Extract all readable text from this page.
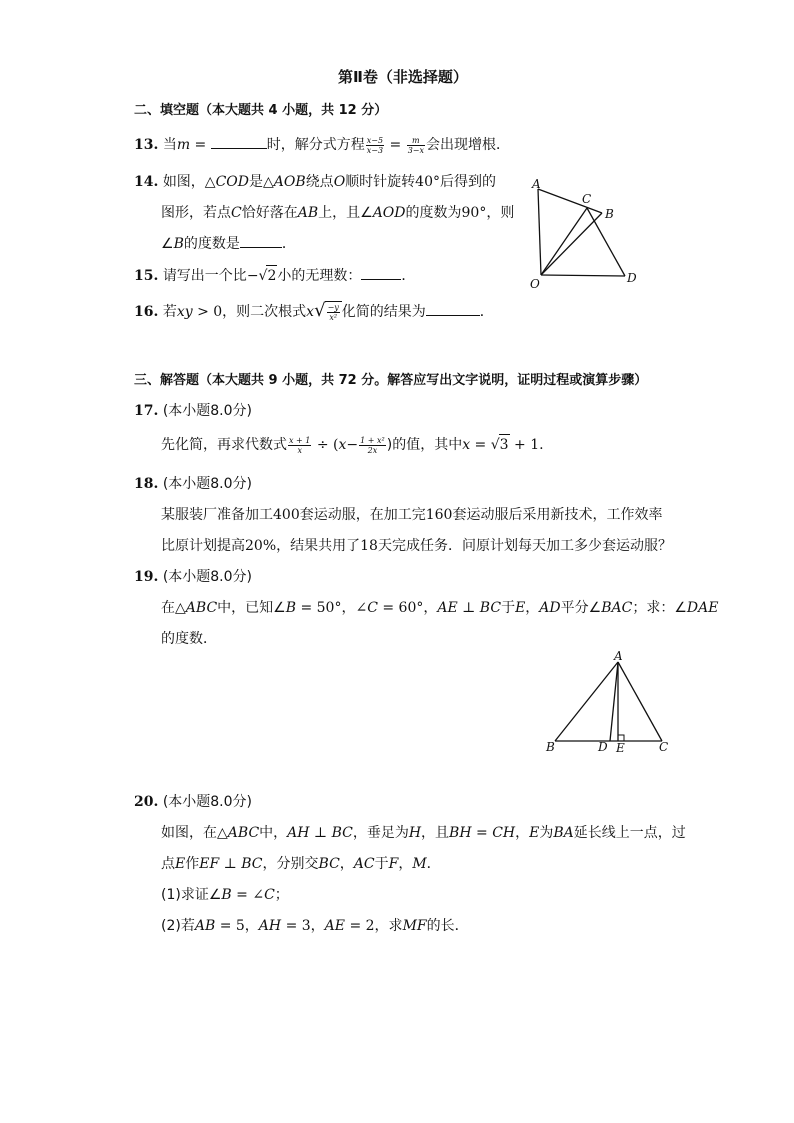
第Ⅱ卷（非选择题）
二、填空题（本大题共 4 小题，共 12 分）
13. 当m =	时，解分式方程 $\frac{x-5}{x-3} = \frac{m}{3-x}$ 会出现增根．
14. 如图，△COD是△AOB绕点O顺时针旋转40°后得到的
图形，若点C恰好落在AB上，且∠AOD的度数为90°，则
∠B的度数是	．
A
C
B
O	D
15. 请写出一个比−√2小的无理数：	．
16. 若xy > 0，则二次根式$x√ \frac{-y}{\text{x²}}$ 化简的结果为	．
三、解答题（本大题共 9 小题，共 72 分。解答应写出文字说明，证明过程或演算步骤）
17. (本小题8.0分)
先化简，再求代数式 $\frac{x + 1}{x} \div (x- \frac{\text{1 + x²}}{2x}$ )的值，其中x = √3 + 1.
18. (本小题8.0分)
某服装厂准备加工400套运动服，在加工完160套运动服后采用新技术，工作效率
比原计划提高20%，结果共用了18天完成任务．问原计划每天加工多少套运动服？
19. (本小题8.0分)
在△ABC中，已知∠B = 50°，∠C = 60°，AE ⊥ BC于E，AD平分∠BAC；求：∠DAE
的度数．
A
B	D E	C
20. (本小题8.0分)
如图，在△ABC中，AH ⊥ BC，垂足为H，且BH = CH，E为BA延长线上一点，过
点E作EF ⊥ BC，分别交BC，AC于F，M．
(1)求证∠B = ∠C；
(2)若AB = 5，AH = 3，AE = 2，求MF的长．
